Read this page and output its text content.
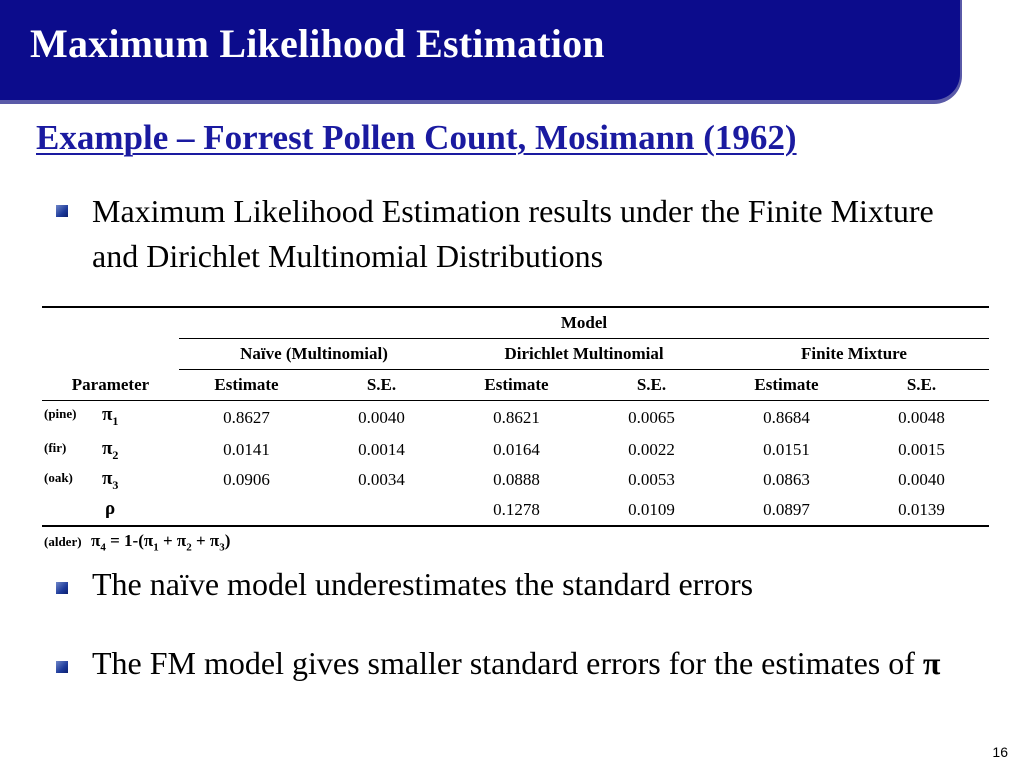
Maximum Likelihood Estimation
Example – Forrest Pollen Count, Mosimann (1962)
Maximum Likelihood Estimation results under the Finite Mixture and Dirichlet Multinomial Distributions
	Model					
	Naïve (Multinomial)		Dirichlet Multinomial		Finite Mixture	
Parameter	Estimate	S.E.	Estimate	S.E.	Estimate	S.E.

(pine) $\pi_1$	0.8627	0.0040	0.8621	0.0065	0.8684	0.0048

(fir) $\pi_2$	0.0141	0.0014	0.0164	0.0022	0.0151	0.0015

(oak) $\pi_3$	0.0906	0.0034	0.0888	0.0053	0.0863	0.0040

ρ			0.1278	0.0109	0.0897	0.0139
(alder) $\pi_4 = 1-(\pi_1 + \pi_2 + \pi_3)$
The naïve model underestimates the standard errors
The FM model gives smaller standard errors for the estimates of π
16
